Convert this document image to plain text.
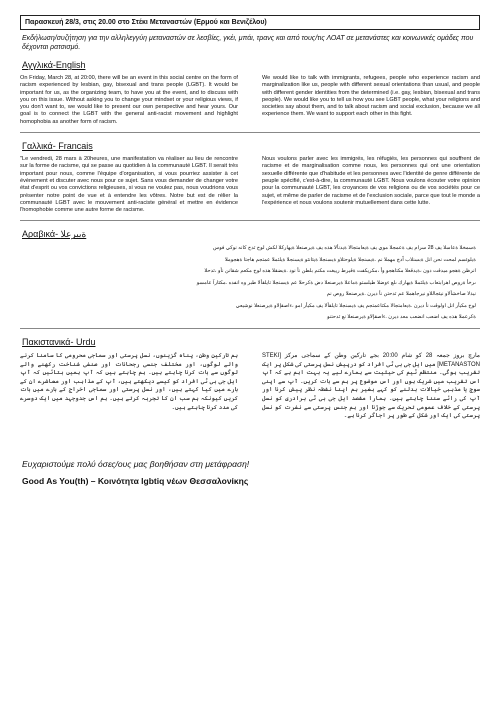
Παρασκευή 28/3, στις 20.00 στο Στέκι Μεταναστών (Ερμού και Βενιζέλου)
Εκδήλωση/συζήτηση για την αλληλεγγύη μεταναστών σε λεσβίες, γκέι, μπάι, τρανς και από τους/τις ΛΟΑΤ σε μετανάστες και κοινωνικές ομάδες που δέχονται ρατσισμό.
Αγγλικά-English
On Friday, March 28, at 20:00, there will be an event in this social centre on the form of racism experienced by lesbian, gay, bisexual and trans people (LGBT). It would be important for us, as the organizing team, to have you at the event, and to discuss with you on this issue. Without asking you to change your mindset or your religious views, if you don't want to, we would like to present our own perspective and hear yours. Our goal is to connect the LGBT with the general anti-racist movement and highlight homophobia as another form of racism.
We would like to talk with immigrants, refugees, people who experience racism and marginalization like us, people with different sexual orientations than usual, and people with different gender identities from the determined (i.e. gay, lesbian, bisexual and trans people). We would like you to tell us how you see LGBT people, what your religions and societies say about them, and to talk about racism and social exclusion, because we all experience them. We want to support each other in this fight.
Γαλλικά- Francais
"Le vendredi, 28 mars à 20heures, une manifestation va réaliser au lieu de rencontre sur la forme de racisme, qui se passe au quotidien à la communauté LGBT. Il serait très important pour nous, comme l'équipe d'organisation, si vous pourriez assister à cet évènement et discuter avec nous pour ce sujet. Sans vous demander de changer votre état d'esprit ou vos convictions religieuses, si vous ne voulez pas, nous voudrions vous présenter notre point de vue et à entendre les vôtres. Notre but est de rélier la communauté LGBT avec le mouvement anti-raciste général et mettre en évidence l'homophobie comme une autre forme de racisme.
Nous voulons parler avec les immigrés, les réfugiés, les personnes qui souffrent de racisme et de marginalisation comme nous, les personnes qui ont une orientation sexuelle différente que d'habitude et les personnes avec l'identité de genre différente de peuple spécifié, c'est-à-dire, la communauté LGBT. Nous voulons écouter votre opinion pour la communauté LGBT, les croyances de vos religions ou de vos sociétés pour ce sujet, et même de parler de racisme et de l'exclusion sociale, parce que tout le monde a l'expérience et nous voulons soutenir mutuellement dans cette lutte.
Αραβικά- ةيبرعلا

ةسمخلا ةعاسلا يف 28 سرام يف ةعمجلا موي يف ةيعامتجالا ةيدنألا هذه يف ةيرصنعلا ةيهاركلا لكش لوح ثدح كانه نوكي فوس

ةيلوئسم لمحت نحن انل ةبسنلاب اًدج مهملا نم .ةيسنجلا ةيلوحتلاو ةيسنجلا ةيئانثو ةيسنجلا ةيلثملا عمتجم هاجتا ةهجوملا

انرظن ةهجو ميدقت دون ،ةيدقعلا مكتاهجو وأ ،مكريكفت ةقيرط رييغت مكنم بلطن نأ نود .ةيضقلا هذه لوح مكعم شقانن نأو ،ثدحلا

ىرخأ ةروص اهرابتعاب ةيلثملا ةيهارك ىلع ءوضلا طيلستو ةماعلا ةيرصنعلا دض ةكرحلا عم ةيسنجلا تايلقألا طبر وه انفده .مكئارآ عامسو

نيذلا صاخشألاو نيئجاللاو نيرجاهملا عم ثدحتن نأ ديرن .ةيرصنعلا روص نم

لوح مكيأر انل اولوقت نأ ديرن .ةيعامتجالا مكتاعمتجم يف ةيسنجلا تايلقألا يف مكيأر امو ،ءاصقإلاو ةيرصنعلا نوشيعي

ةكرعملا هذه يف اضعب انضعب معد ديرن .ءاصقإلاو ةيرصنعلا نع ثدحتنو

Πακιστανικά- Urdu
مارچ بروز جمعہ 28 کو شام 20:00 بجے تارکین وطن کے سماجی مرکز [STEKI METANASTON] میں ایل جی بی ٹی افراد کو درپیش نسل پرستی کی شکل پر ایک تقریب ہوگی۔ منتظم ٹیم کی حیثیت سے ہمارے لیے یہ بہت اہم ہے کہ آپ اس تقریب میں شریک ہوں اور اس موضوع پر ہم سے بات کریں۔ آپ سے اپنی سوچ یا مذہبی خیالات بدلنے کو کہے بغیر ہم اپنا نقطہ نظر پیش کرنا اور آپ کی رائے سننا چاہتے ہیں۔ ہمارا مقصد ایل جی بی ٹی برادری کو نسل پرستی کے خلاف عمومی تحریک سے جوڑنا اور ہم جنس پرستی سے نفرت کو نسل پرستی کی ایک اور شکل کے طور پر اجاگر کرنا ہے۔
ہم تارکین وطن، پناہ گزینوں، نسل پرستی اور سماجی محرومی کا سامنا کرنے والے لوگوں، اور مختلف جنسی رجحانات اور صنفی شناخت رکھنے والے لوگوں سے بات کرنا چاہتے ہیں۔ ہم چاہتے ہیں کہ آپ ہمیں بتائیں کہ آپ ایل جی بی ٹی افراد کو کیسے دیکھتے ہیں، آپ کے مذاہب اور معاشرے ان کے بارے میں کیا کہتے ہیں، اور نسل پرستی اور سماجی اخراج کے بارے میں بات کریں کیونکہ ہم سب ان کا تجربہ کرتے ہیں۔ ہم اس جدوجہد میں ایک دوسرے کی مدد کرنا چاہتے ہیں۔
Ευχαριστούμε πολύ όσες/ους μας βοηθήσαν στη μετάφραση!
Good As You(th) – Κοινότητα lgbtiq νέων Θεσσαλονίκης
